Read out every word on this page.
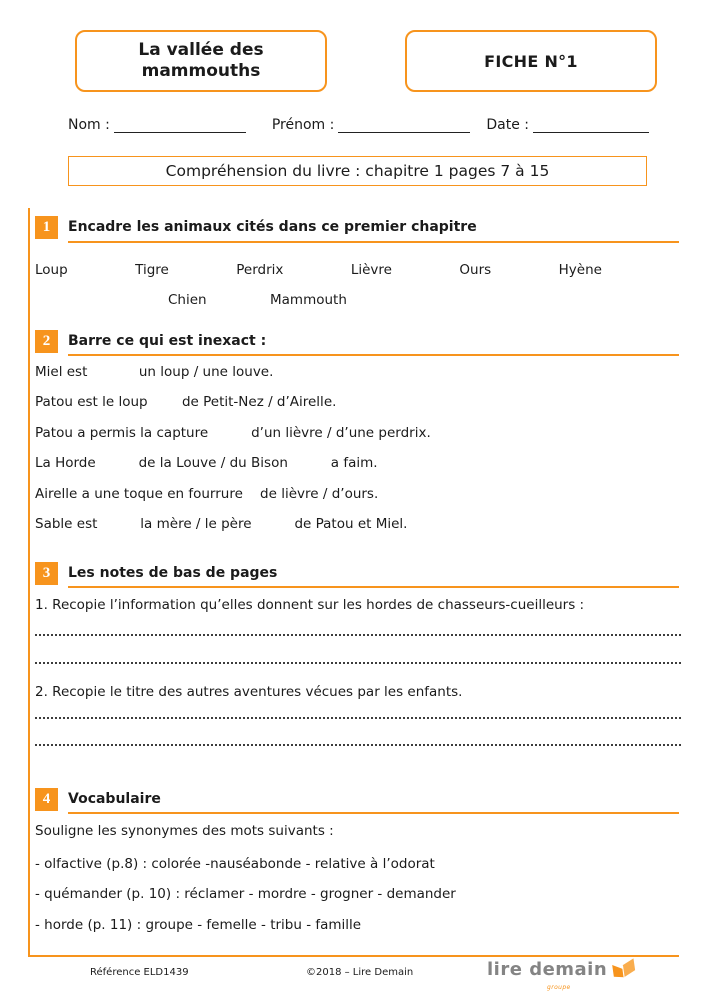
La vallée des mammouths	FICHE N°1
Nom :	Prénom :	Date :
Compréhension du livre : chapitre 1 pages 7 à 15
1	Encadre les animaux cités dans ce premier chapitre
Loup	Tigre	Perdrix	Lièvre	Ours	Hyène
Chien	Mammouth
2	Barre ce qui est inexact :
Miel est            un loup / une louve.
Patou est le loup        de Petit-Nez / d’Airelle.
Patou a permis la capture          d’un lièvre / d’une perdrix.
La Horde          de la Louve / du Bison          a faim.
Airelle a une toque en fourrure    de lièvre / d’ours.
Sable est          la mère / le père          de Patou et Miel.
3	Les notes de bas de pages
1. Recopie l’information qu’elles donnent sur les hordes de chasseurs-cueilleurs :
2. Recopie le titre des autres aventures vécues par les enfants.
4	Vocabulaire
Souligne les synonymes des mots suivants :
- olfactive (p.8) : colorée -nauséabonde - relative à l’odorat
- quémander (p. 10) : réclamer - mordre - grogner - demander
- horde (p. 11) : groupe - femelle - tribu - famille
Référence ELD1439	©2018 – Lire Demain	lire demain
groupe
